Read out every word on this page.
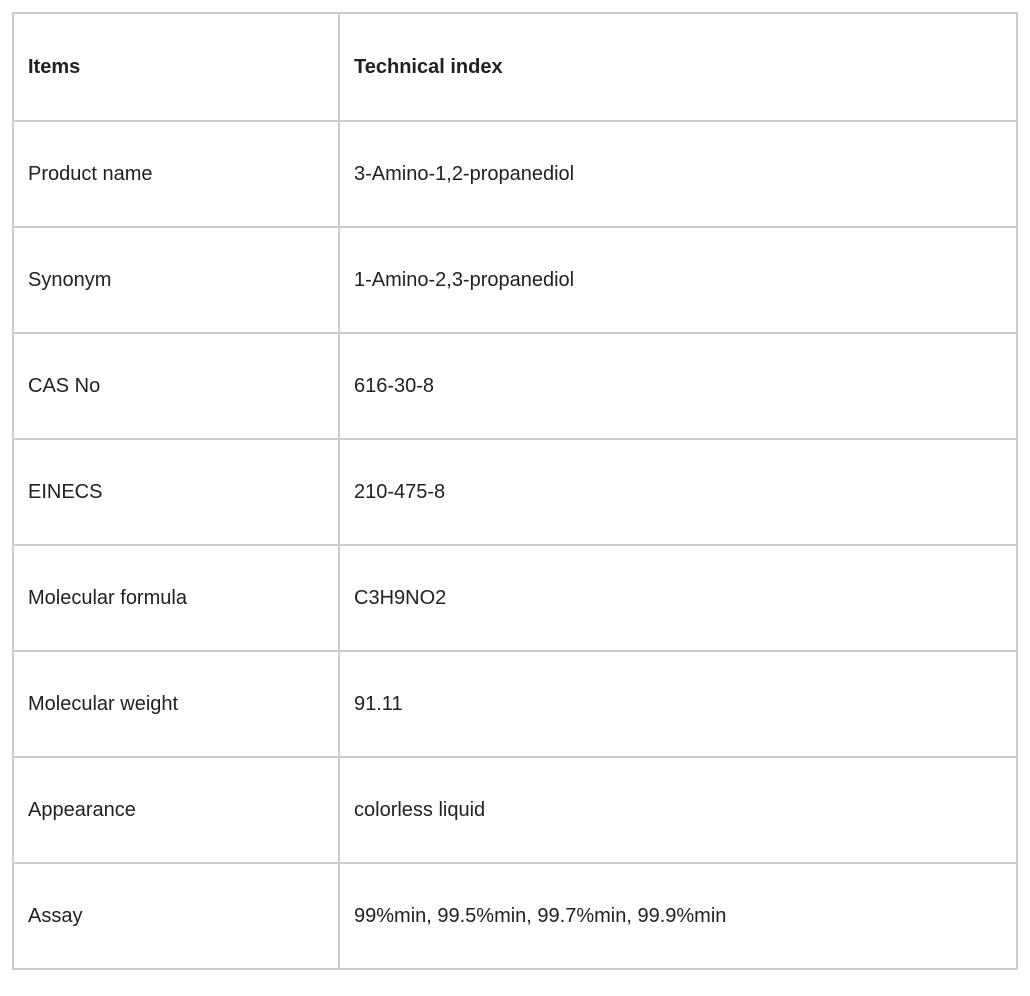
Items	Technical index
Product name	3-Amino-1,2-propanediol
Synonym	1-Amino-2,3-propanediol
CAS No	616-30-8
EINECS	210-475-8
Molecular formula	C3H9NO2
Molecular weight	91.11
Appearance	colorless liquid
Assay	99%min, 99.5%min, 99.7%min, 99.9%min
